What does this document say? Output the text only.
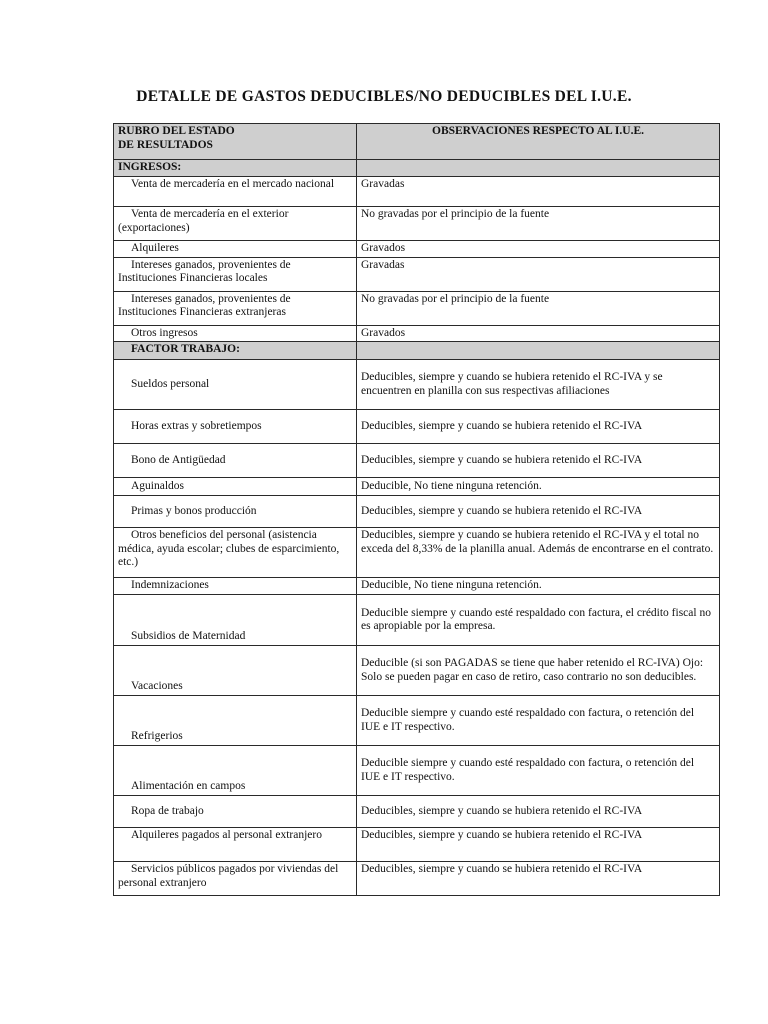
DETALLE DE GASTOS DEDUCIBLES/NO DEDUCIBLES DEL I.U.E.
RUBRO DEL ESTADO
DE RESULTADOS	OBSERVACIONES RESPECTO AL I.U.E.
INGRESOS:	
Venta de mercadería en el mercado nacional	Gravadas
Venta de mercadería en el exterior (exportaciones)	No gravadas por el principio de la fuente
Alquileres	Gravados
Intereses ganados, provenientes de Instituciones Financieras locales	Gravadas
Intereses ganados, provenientes de Instituciones Financieras extranjeras	No gravadas por el principio de la fuente
Otros ingresos	Gravados
FACTOR TRABAJO:	
Sueldos personal	Deducibles, siempre y cuando se hubiera retenido el RC-IVA y se encuentren en planilla con sus respectivas afiliaciones
Horas extras y sobretiempos	Deducibles, siempre y cuando se hubiera retenido el RC-IVA
Bono de Antigüedad	Deducibles, siempre y cuando se hubiera retenido el RC-IVA
Aguinaldos	Deducible, No tiene ninguna retención.
Primas y bonos producción	Deducibles, siempre y cuando se hubiera retenido el RC-IVA
Otros beneficios del personal (asistencia médica, ayuda escolar; clubes de esparcimiento, etc.)	Deducibles, siempre y cuando se hubiera retenido el RC-IVA y el total no exceda del 8,33% de la planilla anual. Además de encontrarse en el contrato.
Indemnizaciones	Deducible, No tiene ninguna retención.
Subsidios de Maternidad	Deducible siempre y cuando esté respaldado con factura, el crédito fiscal no es apropiable por la empresa.
Vacaciones	Deducible (si son PAGADAS se tiene que haber retenido el RC-IVA) Ojo: Solo se pueden pagar en caso de retiro, caso contrario no son deducibles.
Refrigerios	Deducible siempre y cuando esté respaldado con factura, o retención del IUE e IT respectivo.
Alimentación en campos	Deducible siempre y cuando esté respaldado con factura, o retención del IUE e IT respectivo.
Ropa de trabajo	Deducibles, siempre y cuando se hubiera retenido el RC-IVA
Alquileres pagados al personal extranjero	Deducibles, siempre y cuando se hubiera retenido el RC-IVA
Servicios públicos pagados por viviendas del personal extranjero	Deducibles, siempre y cuando se hubiera retenido el RC-IVA
